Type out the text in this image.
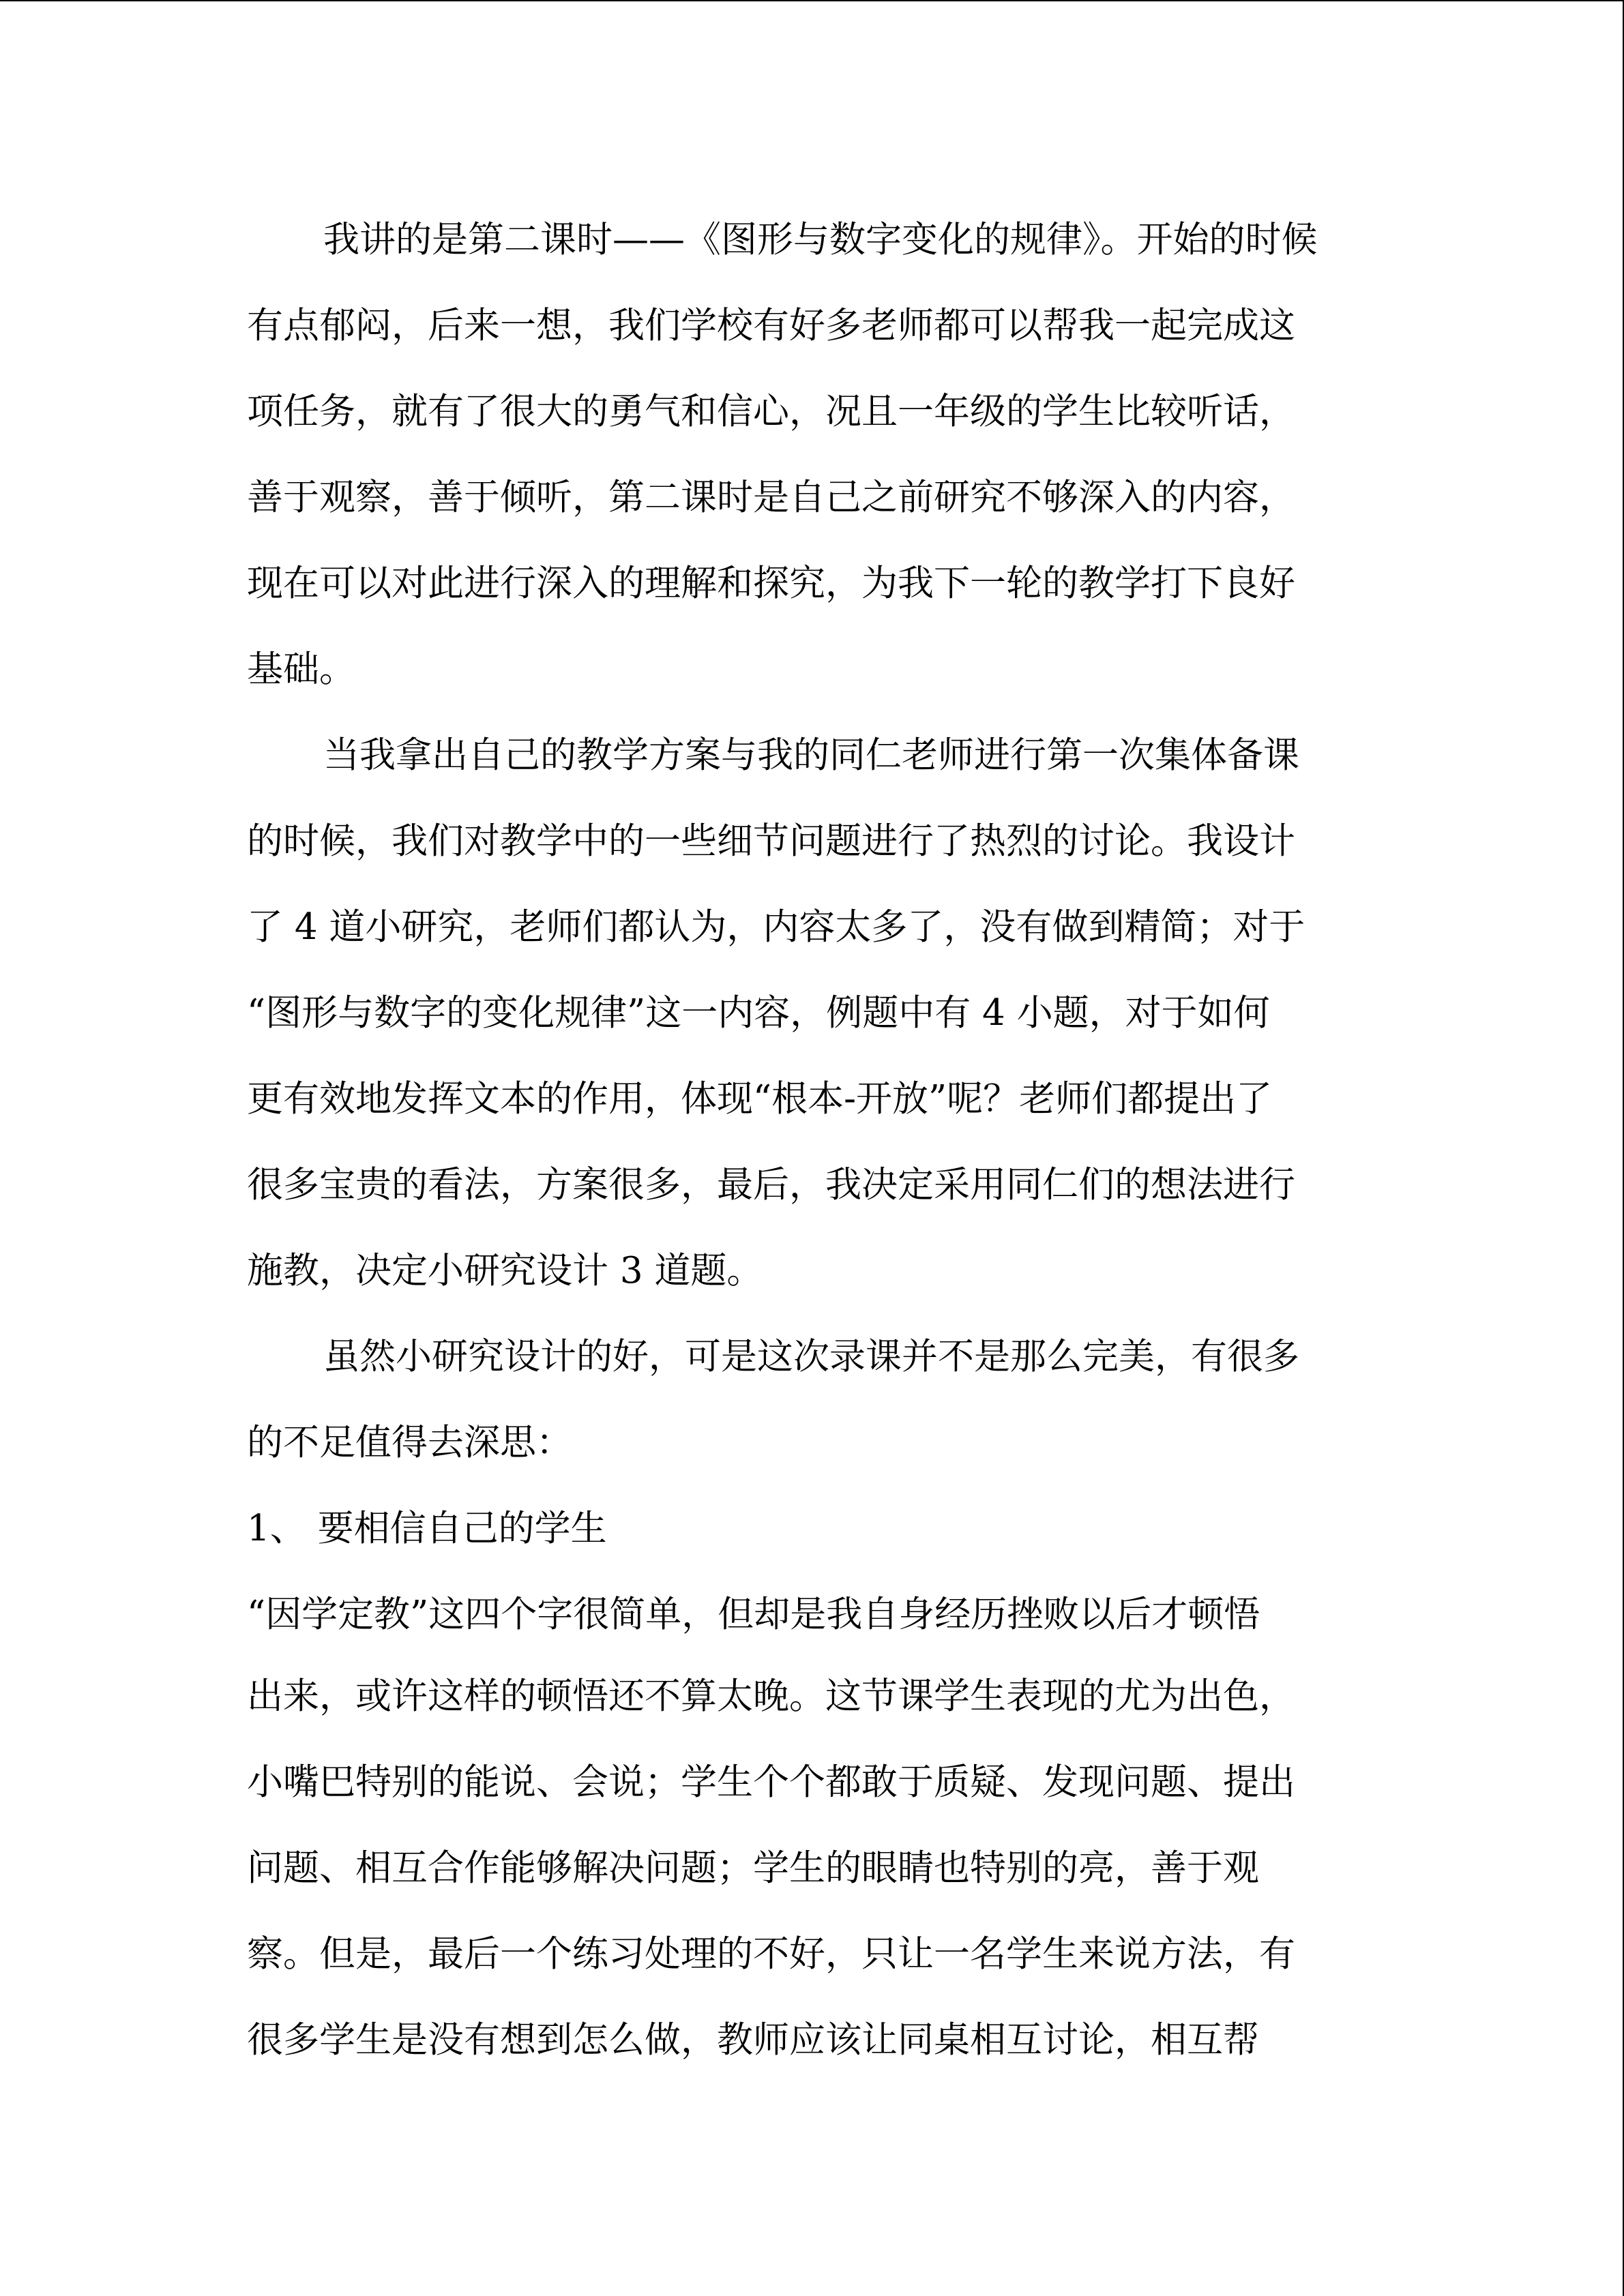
我讲的是第二课时——《图形与数字变化的规律》。开始的时候
有点郁闷，后来一想，我们学校有好多老师都可以帮我一起完成这
项任务，就有了很大的勇气和信心，况且一年级的学生比较听话，
善于观察，善于倾听，第二课时是自己之前研究不够深入的内容，
现在可以对此进行深入的理解和探究，为我下一轮的教学打下良好
基础。
当我拿出自己的教学方案与我的同仁老师进行第一次集体备课
的时候，我们对教学中的一些细节问题进行了热烈的讨论。我设计
了 4 道小研究，老师们都认为，内容太多了，没有做到精简；对于
“图形与数字的变化规律”这一内容，例题中有 4 小题，对于如何
更有效地发挥文本的作用，体现“根本-开放”呢？老师们都提出了
很多宝贵的看法，方案很多，最后，我决定采用同仁们的想法进行
施教，决定小研究设计 3 道题。
虽然小研究设计的好，可是这次录课并不是那么完美，有很多
的不足值得去深思：
1、 要相信自己的学生
“因学定教”这四个字很简单，但却是我自身经历挫败以后才顿悟
出来，或许这样的顿悟还不算太晚。这节课学生表现的尤为出色，
小嘴巴特别的能说、会说；学生个个都敢于质疑、发现问题、提出
问题、相互合作能够解决问题；学生的眼睛也特别的亮，善于观
察。但是，最后一个练习处理的不好，只让一名学生来说方法，有
很多学生是没有想到怎么做，教师应该让同桌相互讨论，相互帮
